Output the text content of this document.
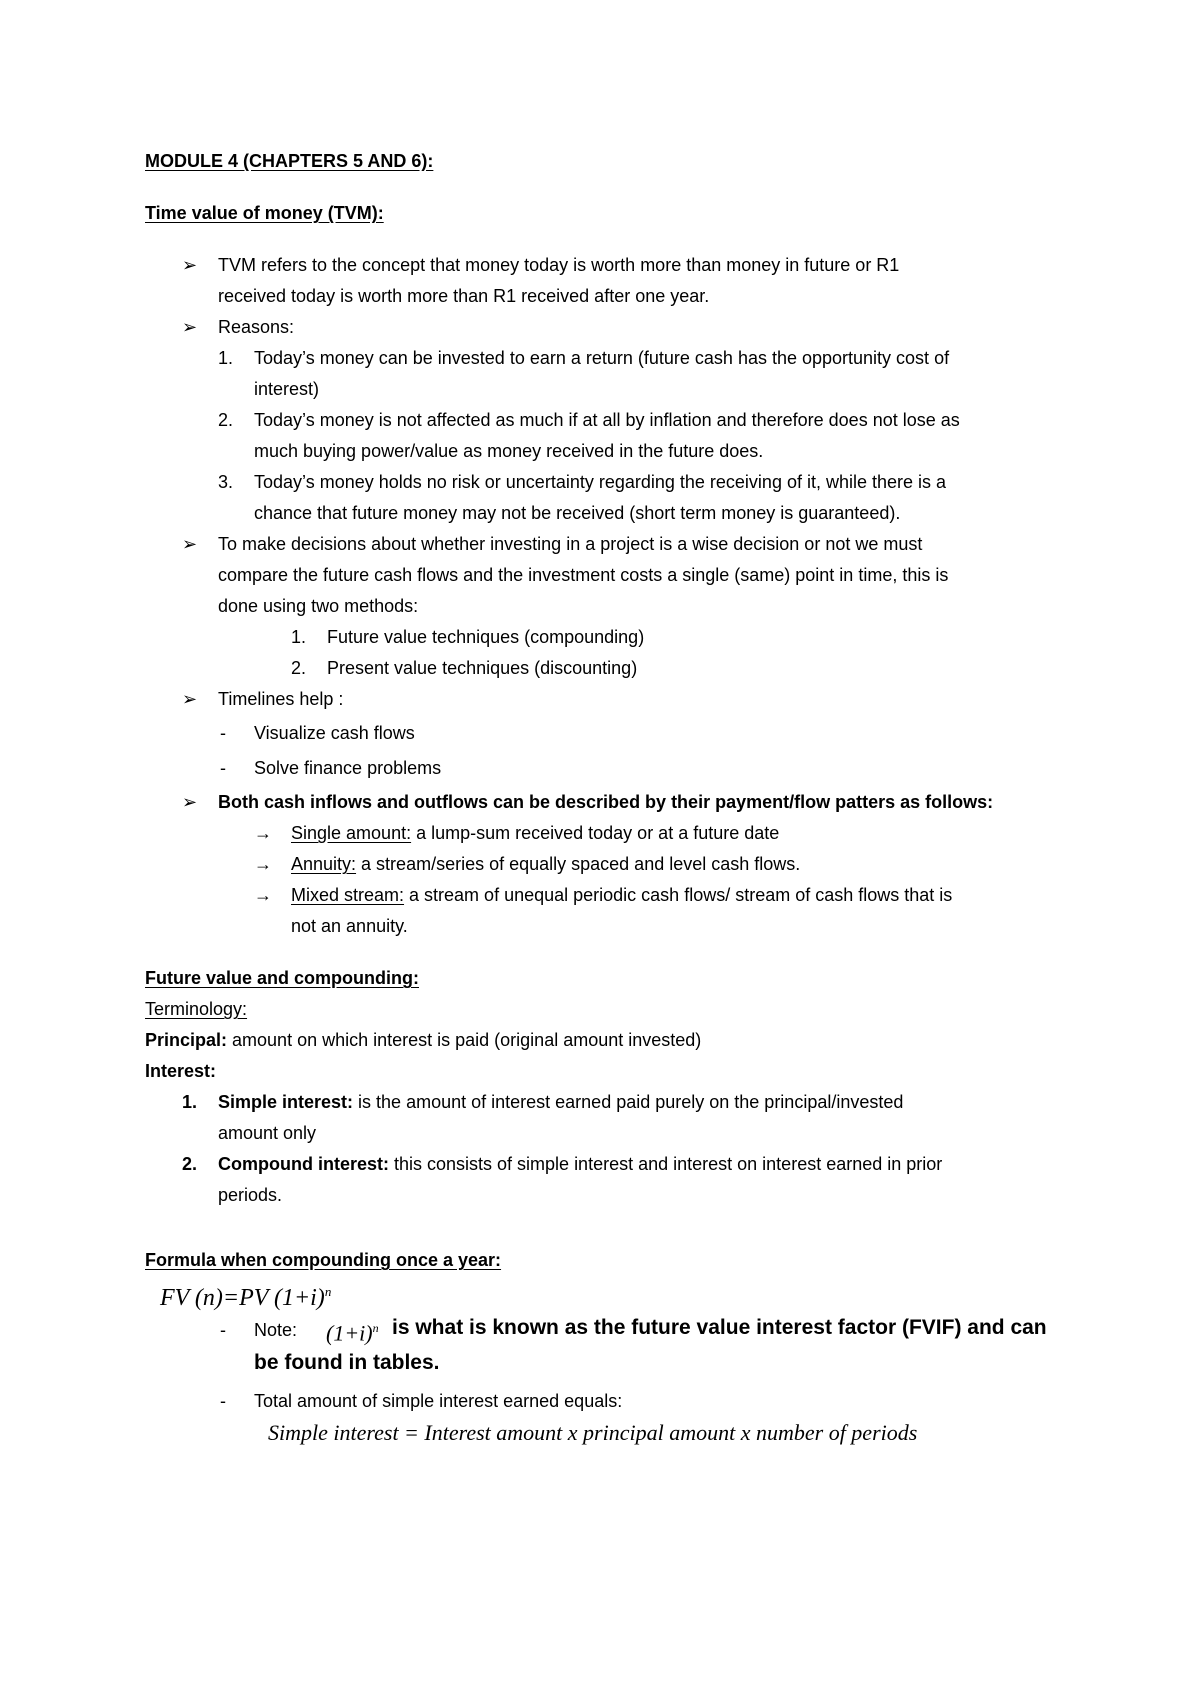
MODULE 4 (CHAPTERS 5 AND 6):
Time value of money (TVM):
➢ TVM refers to the concept that money today is worth more than money in future or R1
received today is worth more than R1 received after one year.
➢ Reasons:
1. Today’s money can be invested to earn a return (future cash has the opportunity cost of
interest)
2. Today’s money is not affected as much if at all by inflation and therefore does not lose as
much buying power/value as money received in the future does.
3. Today’s money holds no risk or uncertainty regarding the receiving of it, while there is a
chance that future money may not be received (short term money is guaranteed).
➢ To make decisions about whether investing in a project is a wise decision or not we must
compare the future cash flows and the investment costs a single (same) point in time, this is
done using two methods:
1. Future value techniques (compounding)
2. Present value techniques (discounting)
➢ Timelines help :
- Visualize cash flows
- Solve finance problems
➢ Both cash inflows and outflows can be described by their payment/flow patters as follows:
→ Single amount: a lump-sum received today or at a future date
→ Annuity: a stream/series of equally spaced and level cash flows.
→ Mixed stream: a stream of unequal periodic cash flows/ stream of cash flows that is
not an annuity.
Future value and compounding:
Terminology:
Principal: amount on which interest is paid (original amount invested)
Interest:
1. Simple interest: is the amount of interest earned paid purely on the principal/invested
amount only
2. Compound interest: this consists of simple interest and interest on interest earned in prior
periods.
Formula when compounding once a year:
FV (n)=PV $(1+i)^n$
- Note: $(1+i)^n$ is what is known as the future value interest factor (FVIF) and can
be found in tables.
- Total amount of simple interest earned equals:
Simple interest = Interest amount x principal amount x number of periods
